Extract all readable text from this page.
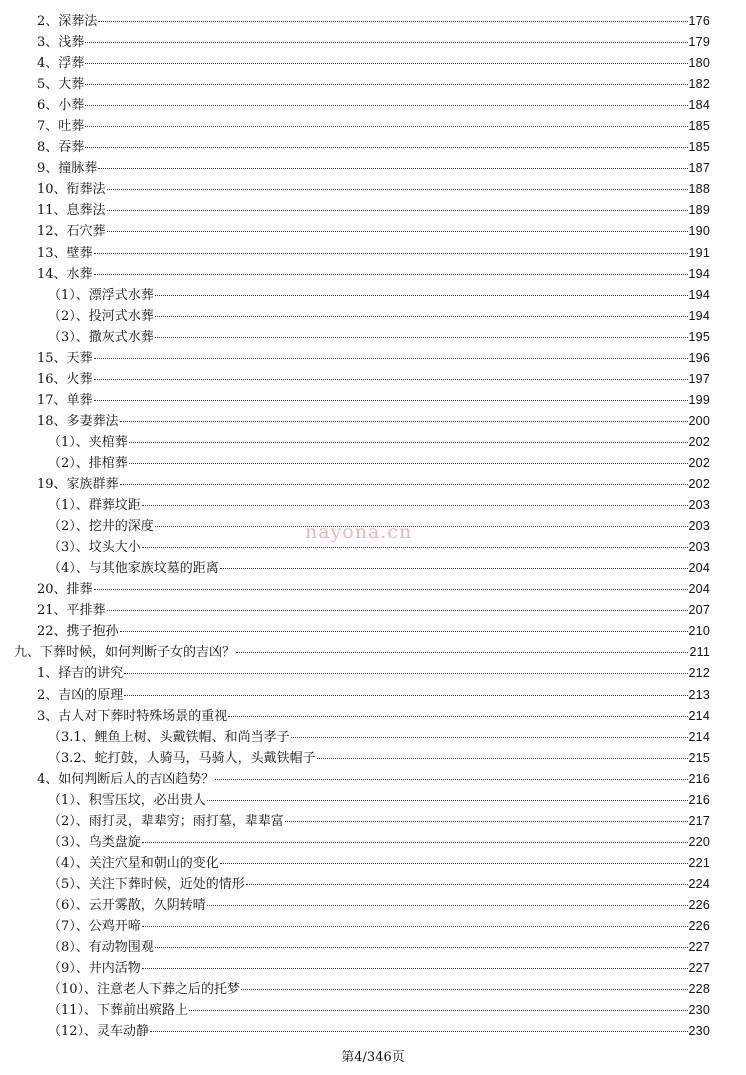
2、深葬法	176
3、浅葬	179
4、浮葬	180
5、大葬	182
6、小葬	184
7、吐葬	185
8、吞葬	185
9、撞脉葬	187
10、衔葬法	188
11、息葬法	189
12、石穴葬	190
13、壁葬	191
14、水葬	194
（1）、漂浮式水葬	194
（2）、投河式水葬	194
（3）、撒灰式水葬	195
15、天葬	196
16、火葬	197
17、单葬	199
18、多妻葬法	200
（1）、夹棺葬	202
（2）、排棺葬	202
19、家族群葬	202
（1）、群葬坟距	203
（2）、挖井的深度	203
（3）、坟头大小	203
（4）、与其他家族坟墓的距离	204
20、排葬	204
21、平排葬	207
22、携子抱孙	210
九、下葬时候，如何判断子女的吉凶？	211
1、择吉的讲究	212
2、吉凶的原理	213
3、古人对下葬时特殊场景的重视	214
（3.1、鲤鱼上树、头戴铁帽、和尚当孝子	214
（3.2、蛇打鼓，人骑马，马骑人，头戴铁帽子	215
4、如何判断后人的吉凶趋势？	216
（1）、积雪压坟，必出贵人	216
（2）、雨打灵，辈辈穷；雨打墓，辈辈富	217
（3）、鸟类盘旋	220
（4）、关注穴星和朝山的变化	221
（5）、关注下葬时候，近处的情形	224
（6）、云开雾散，久阴转晴	226
（7）、公鸡开啼	226
（8）、有动物围观	227
（9）、井内活物	227
（10）、注意老人下葬之后的托梦	228
（11）、下葬前出殡路上	230
（12）、灵车动静	230
nayona.cn
第4/346页
